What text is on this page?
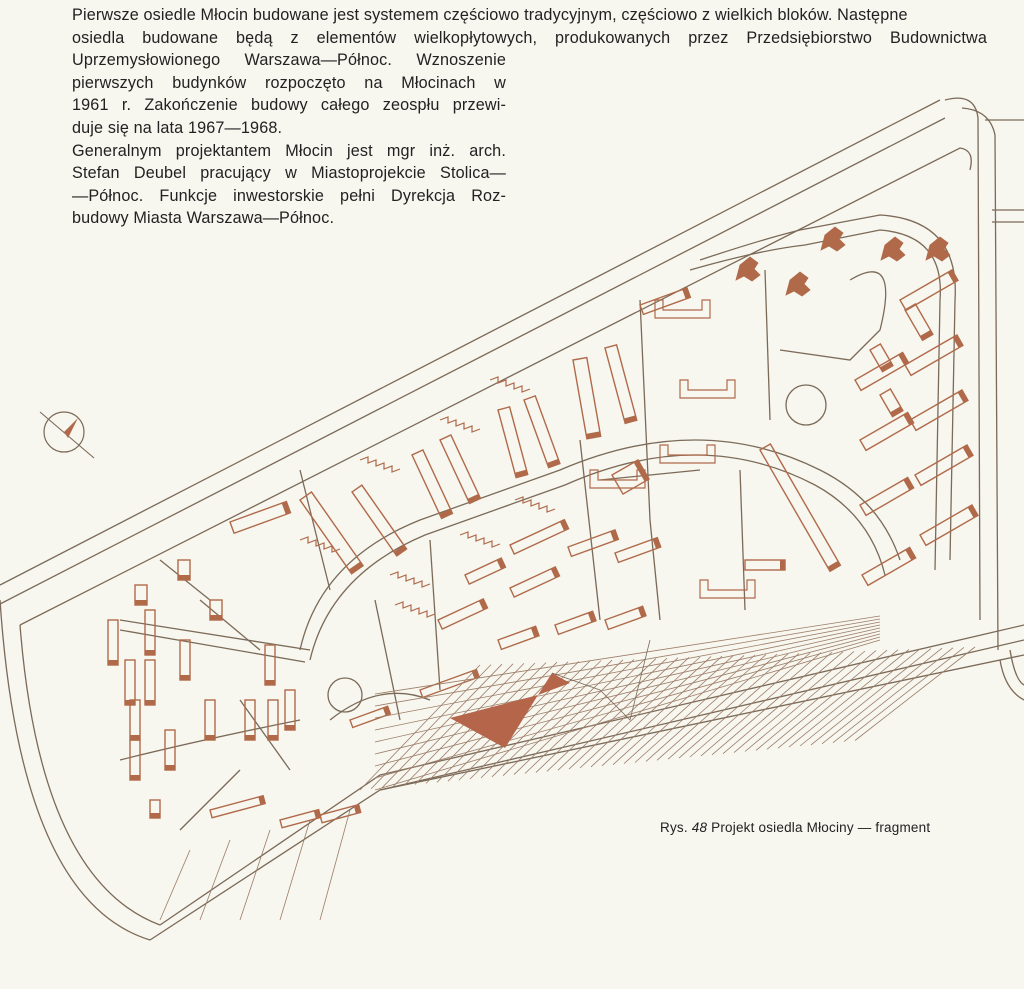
Pierwsze osiedle Młocin budowane jest systemem częściowo tradycyjnym, częściowo z wielkich bloków. Następne
osiedla budowane będą z elementów wielkopłytowych, produkowanych przez Przedsiębiorstwo Budownictwa
Uprzemysłowionego Warszawa—Północ. Wznoszenie
pierwszych budynków rozpoczęto na Młocinach w
1961 r. Zakończenie budowy całego zeospłu przewi-
duje się na lata 1967—1968.
Generalnym projektantem Młocin jest mgr inż. arch.
Stefan Deubel pracujący w Miastoprojekcie Stolica—
—Północ. Funkcje inwestorskie pełni Dyrekcja Roz-
budowy Miasta Warszawa—Północ.
Rys. 48 Projekt osiedla Młociny — fragment
